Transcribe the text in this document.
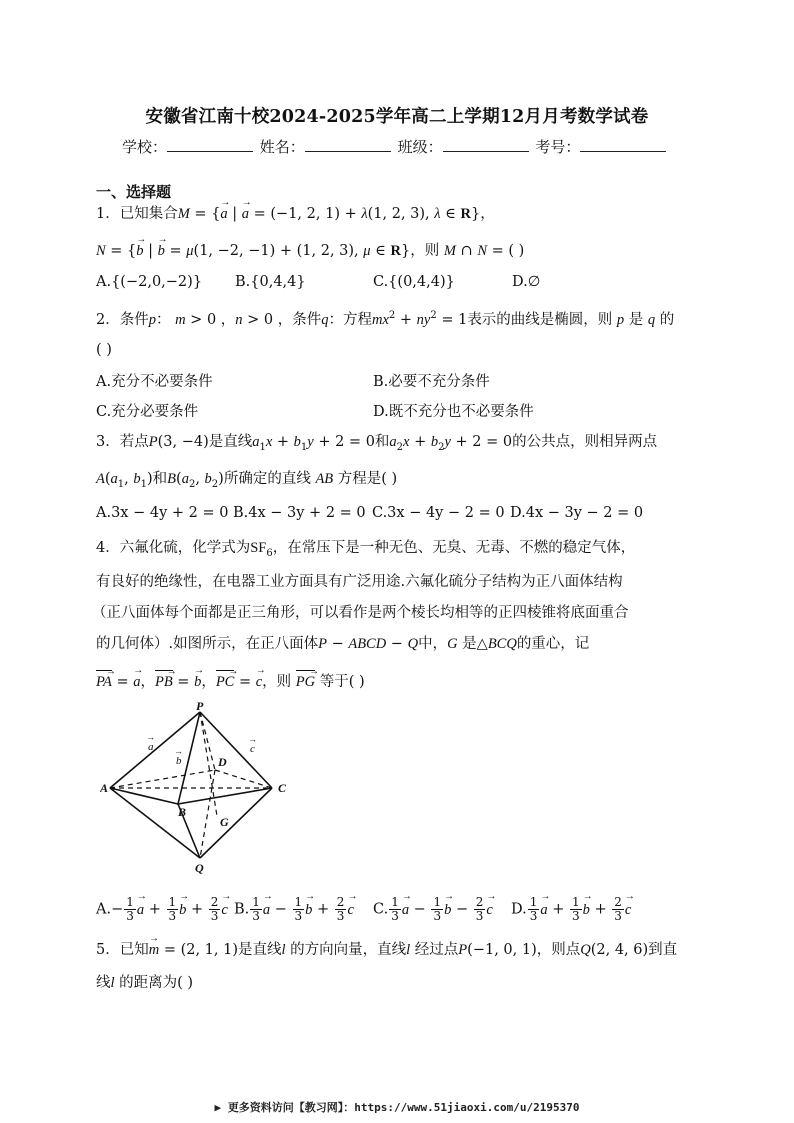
安徽省江南十校2024-2025学年高二上学期12月月考数学试卷
学校：	姓名：	班级：	考号：
一、选择题
1．已知集合M = {→ a | → a = (−1, 2, 1) + λ(1, 2, 3), λ ∈ R}，
N = {→ b | → b = μ(1, −2, −1) + (1, 2, 3), μ ∈ R}，则 M ∩ N = ( )
A.{(−2,0,−2)} B.{0,4,4}	C.{(0,4,4)}	D.∅
2．条件p： m > 0 ，n > 0 ，条件q：方程$mx^2 + ny^2 = 1$表示的曲线是椭圆，则 p 是 q 的
( )
A.充分不必要条件	B.必要不充分条件
C.充分必要条件	D.既不充分也不必要条件
3．若点P(3, −4)是直线$a_1x + b_1y + 2 = 0$和$a_2x + b_2y + 2 = 0$的公共点，则相异两点
$A(a_1$, $b_1$)和$B(a_2$, $b_2$)所确定的直线 AB 方程是( )
A.3x − 4y + 2 = 0 B.4x − 3y + 2 = 0 C.3x − 4y − 2 = 0 D.4x − 3y − 2 = 0
4．六氟化硫，化学式为$SF_6$，在常压下是一种无色、无臭、无毒、不燃的稳定气体，
有良好的绝缘性，在电器工业方面具有广泛用途.六氟化硫分子结构为正八面体结构
（正八面体每个面都是正三角形，可以看作是两个棱长均相等的正四棱锥将底面重合
的几何体）.如图所示，在正八面体P − ABCD − Q中，G 是△BCQ的重心，记
PA → = → a，PB → = → b，PC → = → c，则 PG → 等于( )
P
A
B
C
D
Q
G
a
→
b
→	c
→
$A.- \frac{1}{3}$
→ $a + \frac{1}{3}$
→ $b + \frac{2}{3}$
→ c B. $\frac{1}{3}$
→ $a - \frac{1}{3}$
→ $b + \frac{2}{3}$
→ c C. $\frac{1}{3}$
→ $a - \frac{1}{3}$
→ $b - \frac{2}{3}$
→ c D. $\frac{1}{3}$
→ $a + \frac{1}{3}$
→ $b + \frac{2}{3}$
→ c
5．已知→ m = (2, 1, 1)是直线l 的方向向量，直线l 经过点P(−1, 0, 1)，则点Q(2, 4, 6)到直
线l 的距离为( )
▶ 更多资料访问【教习网】：https://www.51jiaoxi.com/u/2195370
